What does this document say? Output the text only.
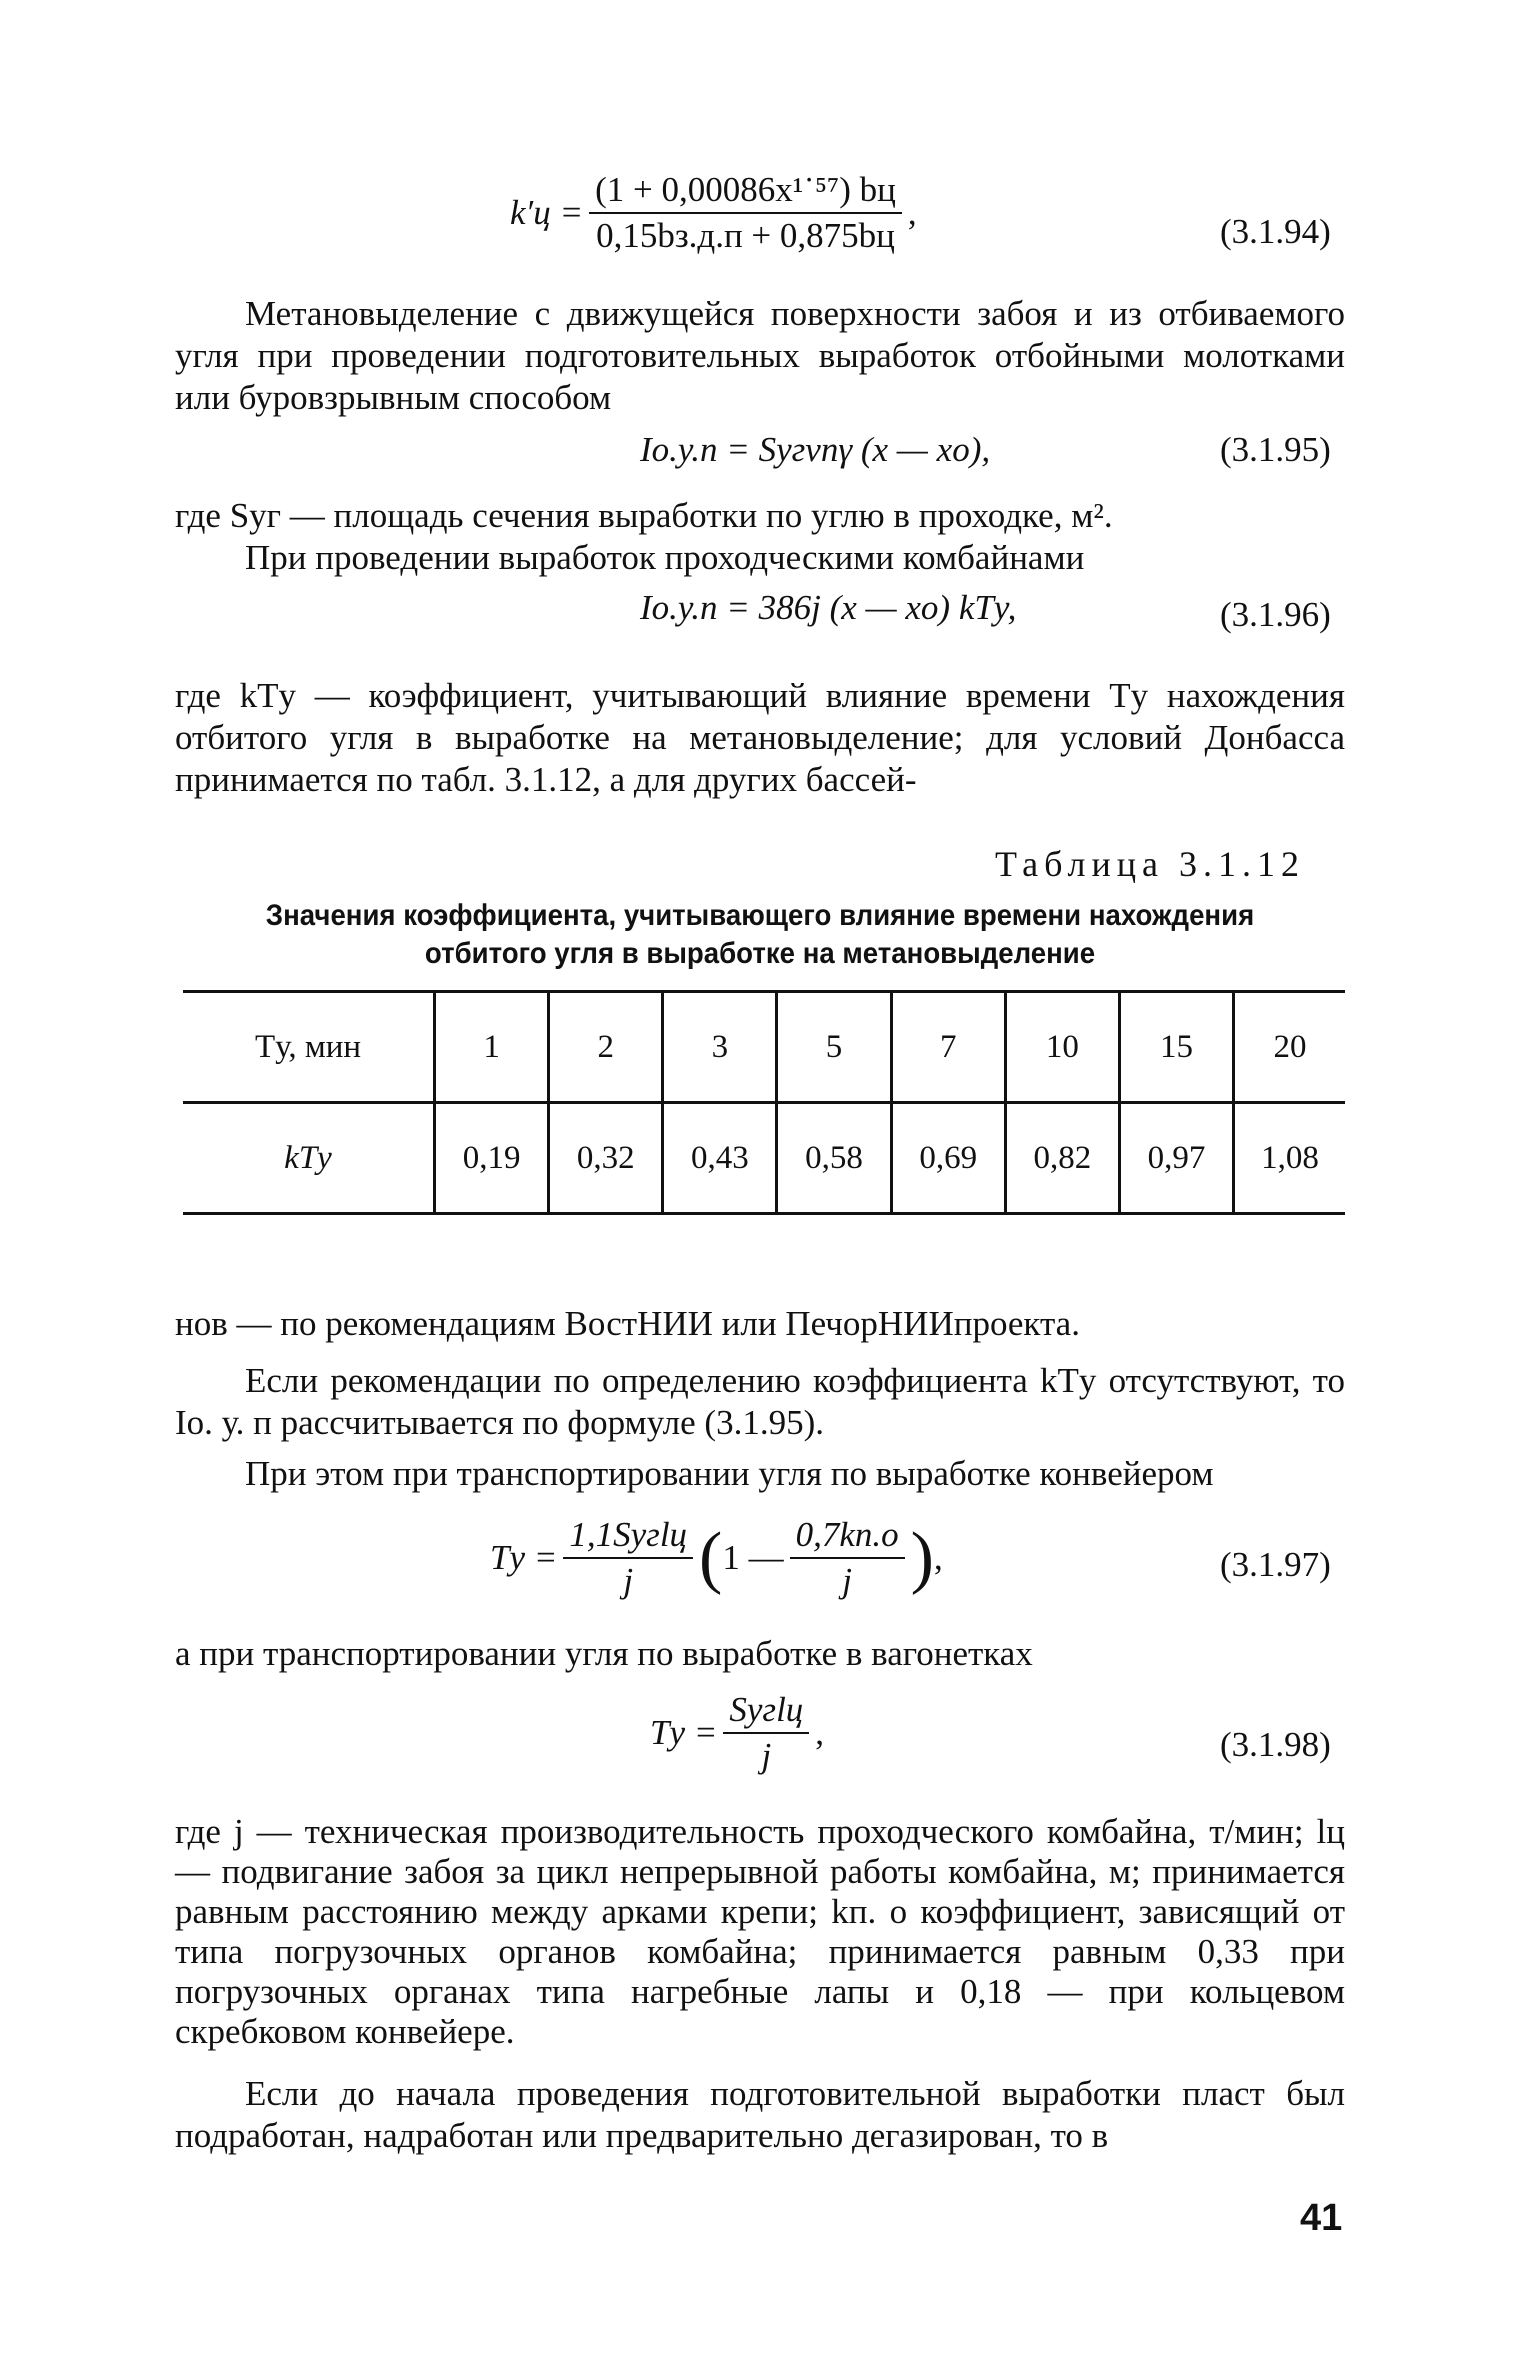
$k'ц = \frac{\text{(1 + 0,00086x¹˙⁵⁷) bц}}{0,15bз.д.п + 0,875bц}$ ,	(3.1.94)
Метановыделение с движущейся поверхности забоя и из отбиваемого угля при проведении подготовительных выработок отбойными молотками или буровзрывным способом
Iо.у.п = Sугvпγ (x — xо),	(3.1.95)
где Sуг — площадь сечения выработки по углю в проходке, м².
При проведении выработок проходческими комбайнами
Iо.у.п = 386j (x — xо) kTу,	(3.1.96)
где kTу — коэффициент, учитывающий влияние времени Tу нахождения отбитого угля в выработке на метановыделение; для условий Донбасса принимается по табл. 3.1.12, а для других бассей-
Таблица 3.1.12
Значения коэффициента, учитывающего влияние времени нахождения
отбитого угля в выработке на метановыделение
Tу, мин	1	2	3	5	7	10	15	20
kTу	0,19	0,32	0,43	0,58	0,69	0,82	0,97	1,08
нов — по рекомендациям ВостНИИ или ПечорНИИпроекта.
Если рекомендации по определению коэффициента kTу отсутствуют, то Iо. у. п рассчитывается по формуле (3.1.95).
При этом при транспортировании угля по выработке конвейером
Tу = $\frac{\text{1,1Sугlц}}{j}$ ( 1 — $\frac{0,7kп.о}{j}$ ) ,	(3.1.97)
а при транспортировании угля по выработке в вагонетках
Tу = $\frac{\text{Sугlц}}{j}$ ,	(3.1.98)
где j — техническая производительность проходческого комбайна, т/мин; lц — подвигание забоя за цикл непрерывной работы комбайна, м; принимается равным расстоянию между арками крепи; kп. о коэффициент, зависящий от типа погрузочных органов комбайна; принимается равным 0,33 при погрузочных органах типа нагребные лапы и 0,18 — при кольцевом скребковом конвейере.
Если до начала проведения подготовительной выработки пласт был подработан, надработан или предварительно дегазирован, то в
41
